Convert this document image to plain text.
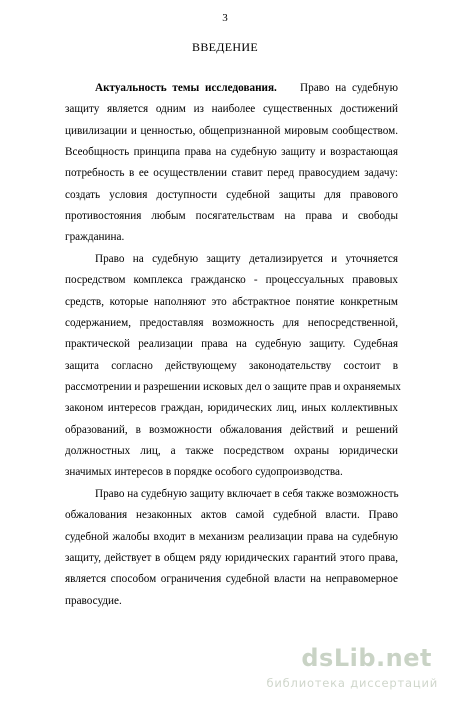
3
ВВЕДЕНИЕ
Актуальность темы исследования. Право на судебную
защиту является одним из наиболее существенных достижений
цивилизации и ценностью, общепризнанной мировым сообществом.
Всеобщность принципа права на судебную защиту и возрастающая
потребность в ее осуществлении ставит перед правосудием задачу:
создать условия доступности судебной защиты для правового
противостояния любым посягательствам на права и свободы
гражданина.
Право на судебную защиту детализируется и уточняется
посредством комплекса гражданско - процессуальных правовых
средств, которые наполняют это абстрактное понятие конкретным
содержанием, предоставляя возможность для непосредственной,
практической реализации права на судебную защиту. Судебная
защита согласно действующему законодательству состоит в
рассмотрении и разрешении исковых дел о защите прав и охраняемых
законом интересов граждан, юридических лиц, иных коллективных
образований, в возможности обжалования действий и решений
должностных лиц, а также посредством охраны юридически
значимых интересов в порядке особого судопроизводства.
Право на судебную защиту включает в себя также возможность
обжалования незаконных актов самой судебной власти. Право
судебной жалобы входит в механизм реализации права на судебную
защиту, действует в общем ряду юридических гарантий этого права,
является способом ограничения судебной власти на неправомерное
правосудие.
dsLib.net
библиотека диссертаций
